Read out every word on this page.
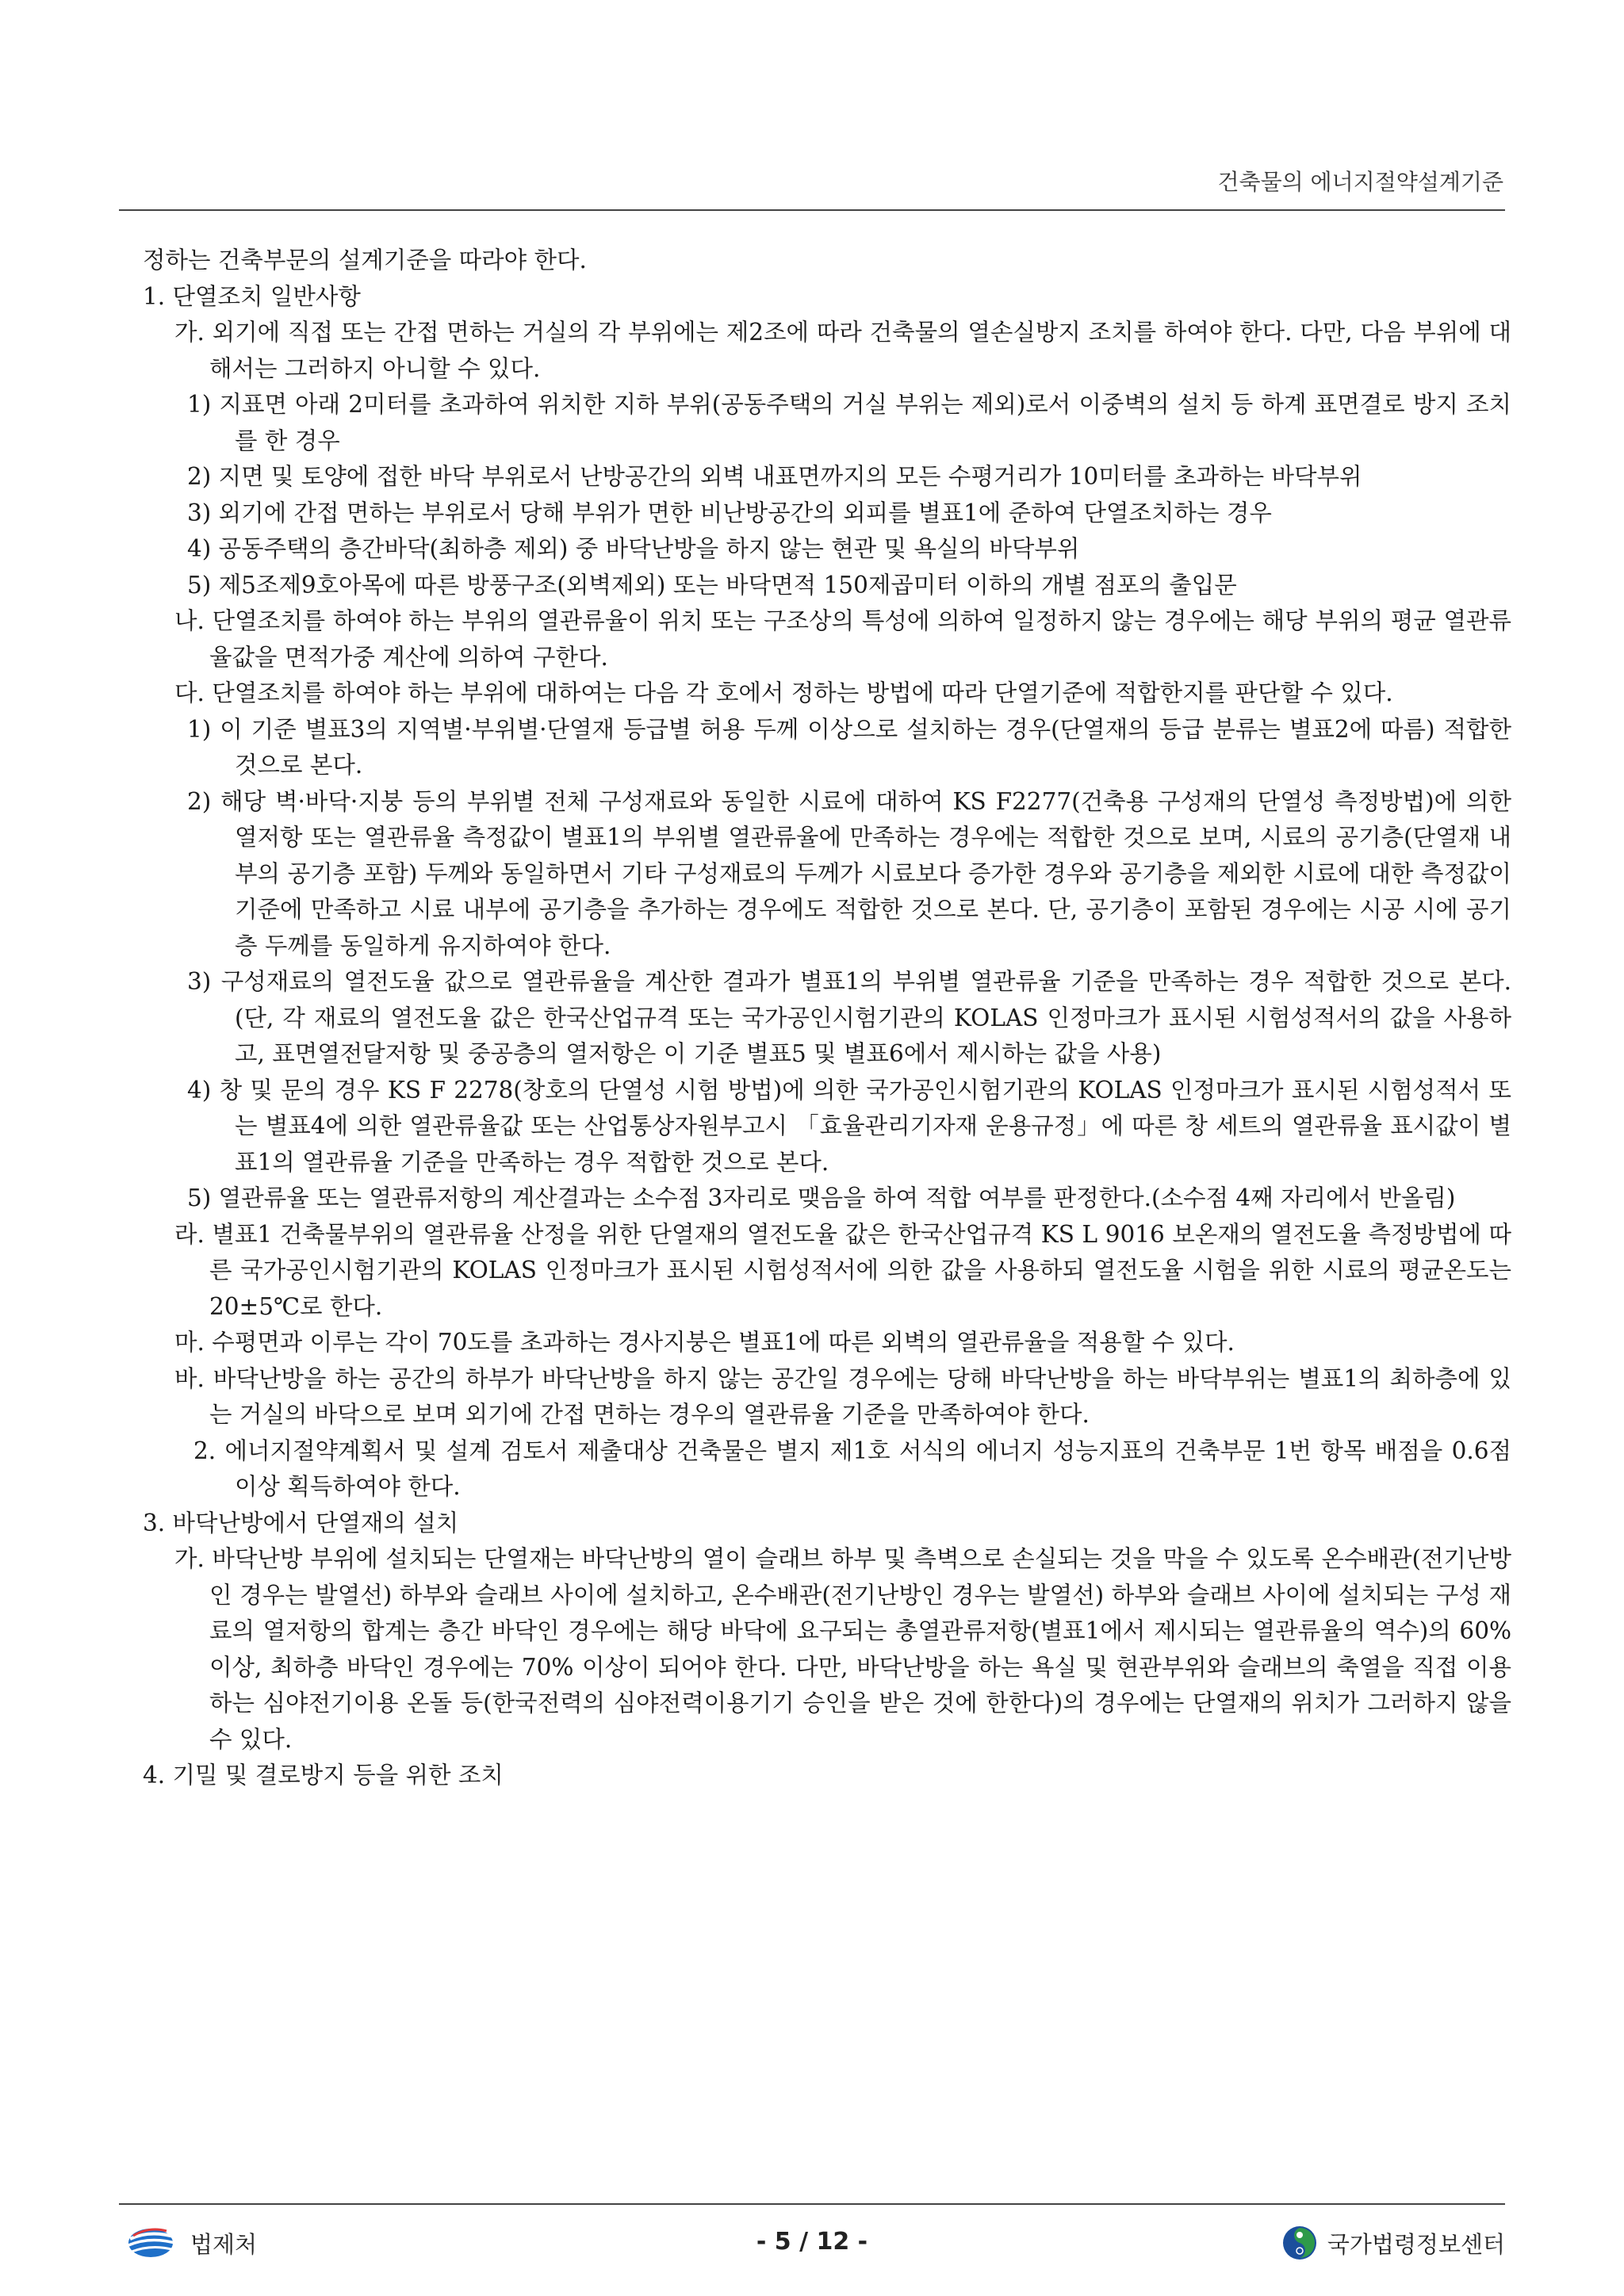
건축물의 에너지절약설계기준

정하는 건축부문의 설계기준을 따라야 한다.

1. 단열조치 일반사항

가. 외기에 직접 또는 간접 면하는 거실의 각 부위에는 제2조에 따라 건축물의 열손실방지 조치를 하여야 한다. 다만, 다음 부위에 대해서는 그러하지 아니할 수 있다.

1) 지표면 아래 2미터를 초과하여 위치한 지하 부위(공동주택의 거실 부위는 제외)로서 이중벽의 설치 등 하계 표면결로 방지 조치를 한 경우

2) 지면 및 토양에 접한 바닥 부위로서 난방공간의 외벽 내표면까지의 모든 수평거리가 10미터를 초과하는 바닥부위

3) 외기에 간접 면하는 부위로서 당해 부위가 면한 비난방공간의 외피를 별표1에 준하여 단열조치하는 경우

4) 공동주택의 층간바닥(최하층 제외) 중 바닥난방을 하지 않는 현관 및 욕실의 바닥부위

5) 제5조제9호아목에 따른 방풍구조(외벽제외) 또는 바닥면적 150제곱미터 이하의 개별 점포의 출입문

나. 단열조치를 하여야 하는 부위의 열관류율이 위치 또는 구조상의 특성에 의하여 일정하지 않는 경우에는 해당 부위의 평균 열관류율값을 면적가중 계산에 의하여 구한다.

다. 단열조치를 하여야 하는 부위에 대하여는 다음 각 호에서 정하는 방법에 따라 단열기준에 적합한지를 판단할 수 있다.

1) 이 기준 별표3의 지역별·부위별·단열재 등급별 허용 두께 이상으로 설치하는 경우(단열재의 등급 분류는 별표2에 따름) 적합한 것으로 본다.

2) 해당 벽·바닥·지붕 등의 부위별 전체 구성재료와 동일한 시료에 대하여 KS F2277(건축용 구성재의 단열성 측정방법)에 의한 열저항 또는 열관류율 측정값이 별표1의 부위별 열관류율에 만족하는 경우에는 적합한 것으로 보며, 시료의 공기층(단열재 내부의 공기층 포함) 두께와 동일하면서 기타 구성재료의 두께가 시료보다 증가한 경우와 공기층을 제외한 시료에 대한 측정값이 기준에 만족하고 시료 내부에 공기층을 추가하는 경우에도 적합한 것으로 본다. 단, 공기층이 포함된 경우에는 시공 시에 공기층 두께를 동일하게 유지하여야 한다.

3) 구성재료의 열전도율 값으로 열관류율을 계산한 결과가 별표1의 부위별 열관류율 기준을 만족하는 경우 적합한 것으로 본다.(단, 각 재료의 열전도율 값은 한국산업규격 또는 국가공인시험기관의 KOLAS 인정마크가 표시된 시험성적서의 값을 사용하고, 표면열전달저항 및 중공층의 열저항은 이 기준 별표5 및 별표6에서 제시하는 값을 사용)

4) 창 및 문의 경우 KS F 2278(창호의 단열성 시험 방법)에 의한 국가공인시험기관의 KOLAS 인정마크가 표시된 시험성적서 또는 별표4에 의한 열관류율값 또는 산업통상자원부고시 「효율관리기자재 운용규정」에 따른 창 세트의 열관류율 표시값이 별표1의 열관류율 기준을 만족하는 경우 적합한 것으로 본다.

5) 열관류율 또는 열관류저항의 계산결과는 소수점 3자리로 맺음을 하여 적합 여부를 판정한다.(소수점 4째 자리에서 반올림)

라. 별표1 건축물부위의 열관류율 산정을 위한 단열재의 열전도율 값은 한국산업규격 KS L 9016 보온재의 열전도율 측정방법에 따른 국가공인시험기관의 KOLAS 인정마크가 표시된 시험성적서에 의한 값을 사용하되 열전도율 시험을 위한 시료의 평균온도는 20±5℃로 한다.

마. 수평면과 이루는 각이 70도를 초과하는 경사지붕은 별표1에 따른 외벽의 열관류율을 적용할 수 있다.

바. 바닥난방을 하는 공간의 하부가 바닥난방을 하지 않는 공간일 경우에는 당해 바닥난방을 하는 바닥부위는 별표1의 최하층에 있는 거실의 바닥으로 보며 외기에 간접 면하는 경우의 열관류율 기준을 만족하여야 한다.

2. 에너지절약계획서 및 설계 검토서 제출대상 건축물은 별지 제1호 서식의 에너지 성능지표의 건축부문 1번 항목 배점을 0.6점 이상 획득하여야 한다.

3. 바닥난방에서 단열재의 설치

가. 바닥난방 부위에 설치되는 단열재는 바닥난방의 열이 슬래브 하부 및 측벽으로 손실되는 것을 막을 수 있도록 온수배관(전기난방인 경우는 발열선) 하부와 슬래브 사이에 설치하고, 온수배관(전기난방인 경우는 발열선) 하부와 슬래브 사이에 설치되는 구성 재료의 열저항의 합계는 층간 바닥인 경우에는 해당 바닥에 요구되는 총열관류저항(별표1에서 제시되는 열관류율의 역수)의 60% 이상, 최하층 바닥인 경우에는 70% 이상이 되어야 한다. 다만, 바닥난방을 하는 욕실 및 현관부위와 슬래브의 축열을 직접 이용하는 심야전기이용 온돌 등(한국전력의 심야전력이용기기 승인을 받은 것에 한한다)의 경우에는 단열재의 위치가 그러하지 않을 수 있다.

4. 기밀 및 결로방지 등을 위한 조치

법제처	- 5 / 12 -	국가법령정보센터
